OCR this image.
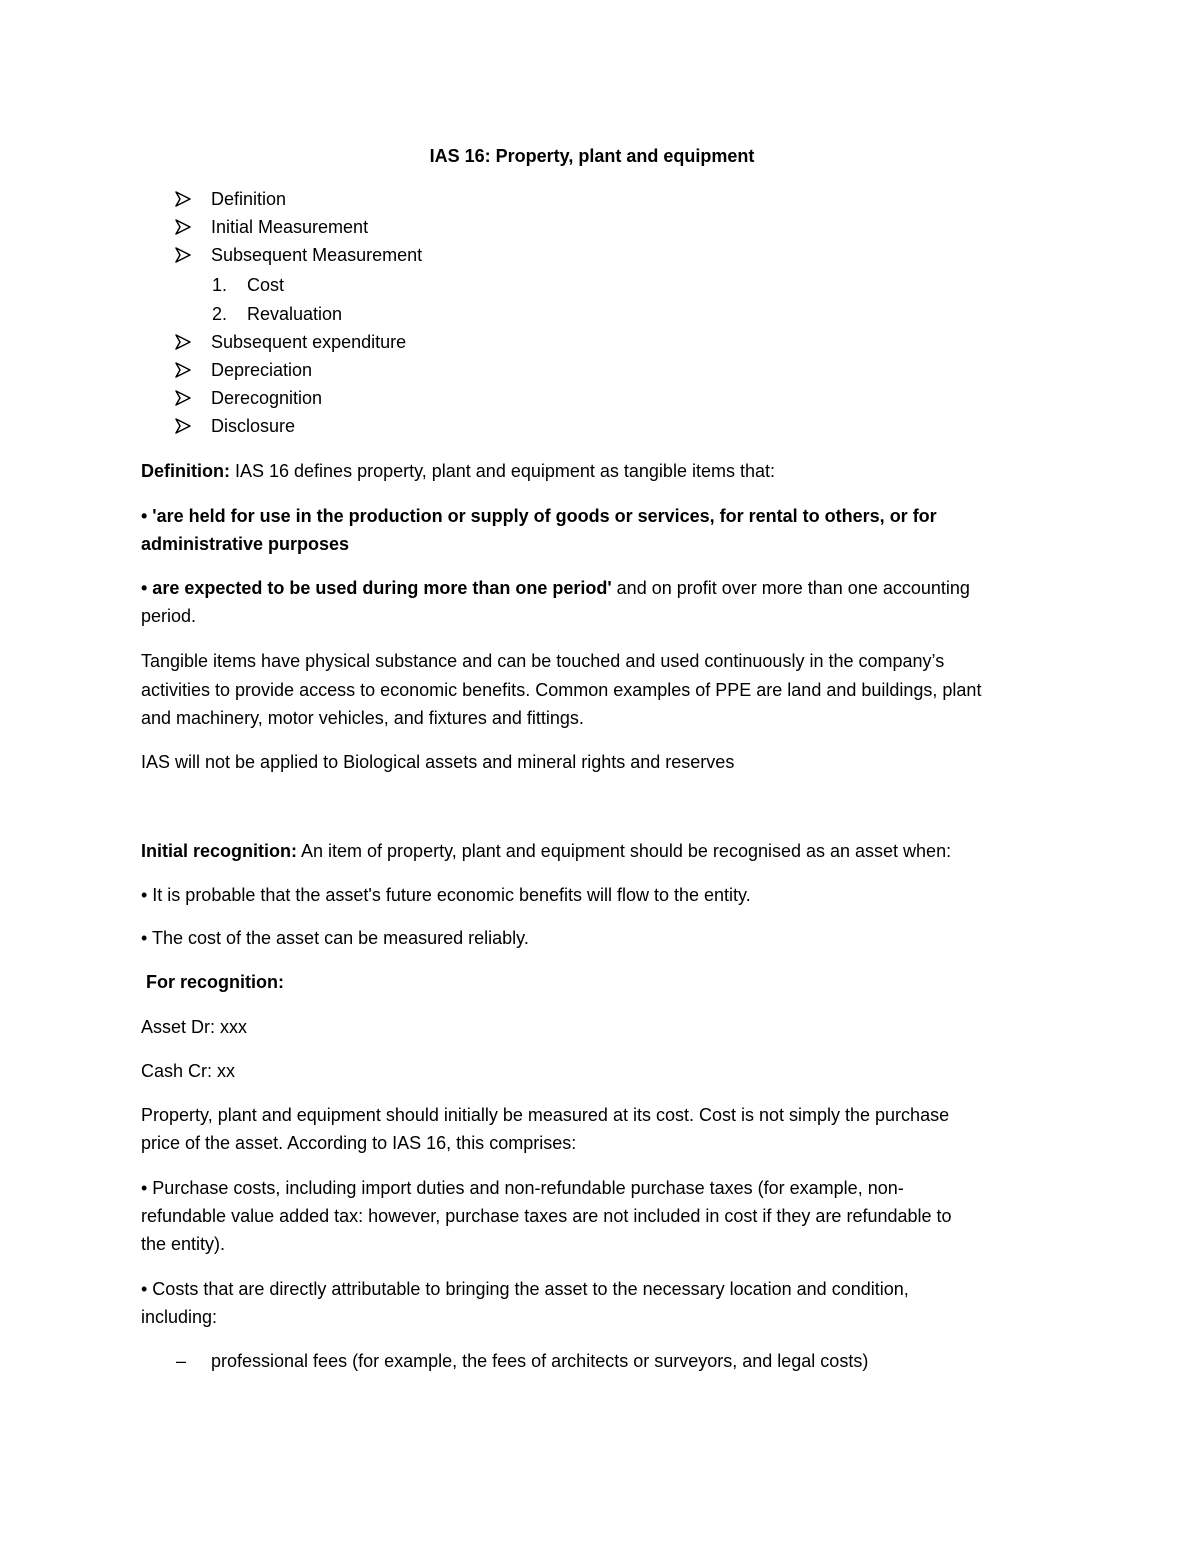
IAS 16: Property, plant and equipment

Definition

Initial Measurement

Subsequent Measurement

1. Cost

2. Revaluation

Subsequent expenditure

Depreciation

Derecognition

Disclosure

Definition: IAS 16 defines property, plant and equipment as tangible items that:

• 'are held for use in the production or supply of goods or services, for rental to others, or for

administrative purposes

• are expected to be used during more than one period' and on profit over more than one accounting

period.

Tangible items have physical substance and can be touched and used continuously in the company’s

activities to provide access to economic benefits. Common examples of PPE are land and buildings, plant

and machinery, motor vehicles, and fixtures and fittings.

IAS will not be applied to Biological assets and mineral rights and reserves

Initial recognition: An item of property, plant and equipment should be recognised as an asset when:

• It is probable that the asset's future economic benefits will flow to the entity.

• The cost of the asset can be measured reliably.

For recognition:

Asset Dr: xxx

Cash Cr: xx

Property, plant and equipment should initially be measured at its cost. Cost is not simply the purchase

price of the asset. According to IAS 16, this comprises:

• Purchase costs, including import duties and non-refundable purchase taxes (for example, non-

refundable value added tax: however, purchase taxes are not included in cost if they are refundable to

the entity).

• Costs that are directly attributable to bringing the asset to the necessary location and condition,

including:

– professional fees (for example, the fees of architects or surveyors, and legal costs)
